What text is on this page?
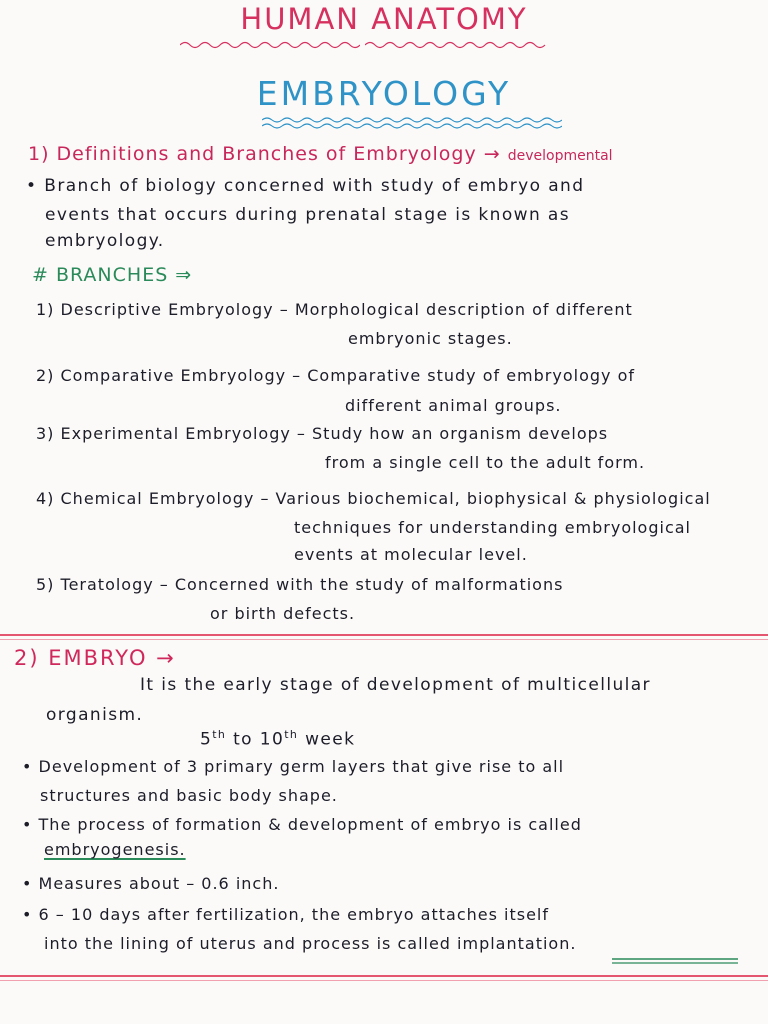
HUMAN ANATOMY
EMBRYOLOGY
1) Definitions and Branches of Embryology → developmental
• Branch of biology concerned with study of embryo and
events that occurs during prenatal stage is known as
embryology.
# BRANCHES ⇒
1) Descriptive Embryology – Morphological description of different
embryonic stages.
2) Comparative Embryology – Comparative study of embryology of
different animal groups.
3) Experimental Embryology – Study how an organism develops
from a single cell to the adult form.
4) Chemical Embryology – Various biochemical, biophysical & physiological
techniques for understanding embryological
events at molecular level.
5) Teratology – Concerned with the study of malformations
or birth defects.
2) EMBRYO →
It is the early stage of development of multicellular
organism.
5th to 10th week
• Development of 3 primary germ layers that give rise to all
structures and basic body shape.
• The process of formation & development of embryo is called
embryogenesis.
• Measures about – 0.6 inch.
• 6 – 10 days after fertilization, the embryo attaches itself
into the lining of uterus and process is called implantation.
